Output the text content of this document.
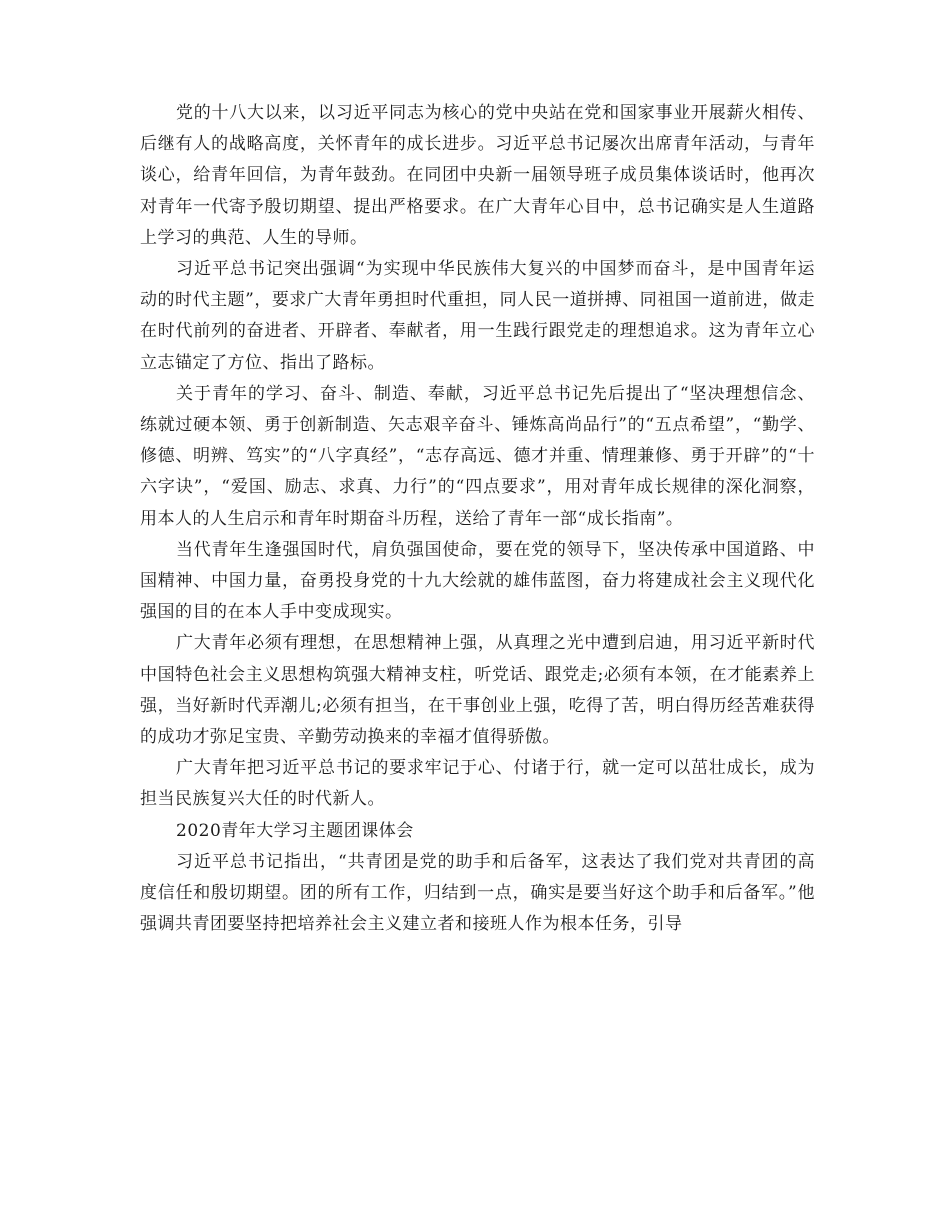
党的十八大以来，以习近平同志为核心的党中央站在党和国家事业开展薪火相传、后继有人的战略高度，关怀青年的成长进步。习近平总书记屡次出席青年活动，与青年谈心，给青年回信，为青年鼓劲。在同团中央新一届领导班子成员集体谈话时，他再次对青年一代寄予殷切期望、提出严格要求。在广大青年心目中，总书记确实是人生道路上学习的典范、人生的导师。

习近平总书记突出强调“为实现中华民族伟大复兴的中国梦而奋斗，是中国青年运动的时代主题”，要求广大青年勇担时代重担，同人民一道拼搏、同祖国一道前进，做走在时代前列的奋进者、开辟者、奉献者，用一生践行跟党走的理想追求。这为青年立心立志锚定了方位、指出了路标。

关于青年的学习、奋斗、制造、奉献，习近平总书记先后提出了“坚决理想信念、练就过硬本领、勇于创新制造、矢志艰辛奋斗、锤炼高尚品行”的“五点希望”，“勤学、修德、明辨、笃实”的“八字真经”，“志存高远、德才并重、情理兼修、勇于开辟”的“十六字诀”，“爱国、励志、求真、力行”的“四点要求”，用对青年成长规律的深化洞察，用本人的人生启示和青年时期奋斗历程，送给了青年一部“成长指南”。

当代青年生逢强国时代，肩负强国使命，要在党的领导下，坚决传承中国道路、中国精神、中国力量，奋勇投身党的十九大绘就的雄伟蓝图，奋力将建成社会主义现代化强国的目的在本人手中变成现实。

广大青年必须有理想，在思想精神上强，从真理之光中遭到启迪，用习近平新时代中国特色社会主义思想构筑强大精神支柱，听党话、跟党走;必须有本领，在才能素养上强，当好新时代弄潮儿;必须有担当，在干事创业上强，吃得了苦，明白得历经苦难获得的成功才弥足宝贵、辛勤劳动换来的幸福才值得骄傲。

广大青年把习近平总书记的要求牢记于心、付诸于行，就一定可以茁壮成长，成为担当民族复兴大任的时代新人。

2020青年大学习主题团课体会

习近平总书记指出，“共青团是党的助手和后备军，这表达了我们党对共青团的高度信任和殷切期望。团的所有工作，归结到一点，确实是要当好这个助手和后备军。”他强调共青团要坚持把培养社会主义建立者和接班人作为根本任务，引导
